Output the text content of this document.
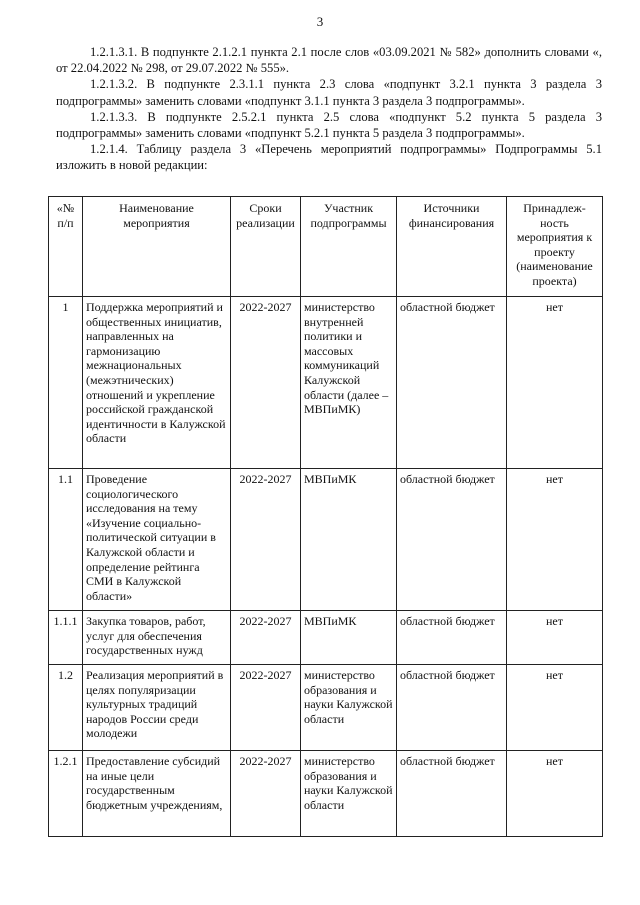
3

1.2.1.3.1. В подпункте 2.1.2.1 пункта 2.1 после слов «03.09.2021 № 582» дополнить словами «, от 22.04.2022 № 298, от 29.07.2022 № 555».

1.2.1.3.2. В подпункте 2.3.1.1 пункта 2.3 слова «подпункт 3.2.1 пункта 3 раздела 3 подпрограммы» заменить словами «подпункт 3.1.1 пункта 3 раздела 3 подпрограммы».

1.2.1.3.3. В подпункте 2.5.2.1 пункта 2.5 слова «подпункт 5.2 пункта 5 раздела 3 подпрограммы» заменить словами «подпункт 5.2.1 пункта 5 раздела 3 подпрограммы».

1.2.1.4. Таблицу раздела 3 «Перечень мероприятий подпрограммы» Подпрограммы 5.1 изложить в новой редакции:

«№ п/п	Наименование мероприятия	Сроки реализации	Участник подпрограммы	Источники финансирования	Принадлеж-ность мероприятия к проекту (наименование проекта)
1	Поддержка мероприятий и общественных инициатив, направленных на гармонизацию межнациональных (межэтнических) отношений и укрепление российской гражданской идентичности в Калужской области	2022-2027	министерство внутренней политики и массовых коммуникаций Калужской области (далее – МВПиМК)	областной бюджет	нет
1.1	Проведение социологического исследования на тему «Изучение социально-политической ситуации в Калужской области и определение рейтинга СМИ в Калужской области»	2022-2027	МВПиМК	областной бюджет	нет
1.1.1	Закупка товаров, работ, услуг для обеспечения государственных нужд	2022-2027	МВПиМК	областной бюджет	нет
1.2	Реализация мероприятий в целях популяризации культурных традиций народов России среди молодежи	2022-2027	министерство образования и науки Калужской области	областной бюджет	нет
1.2.1	Предоставление субсидий на иные цели государственным бюджетным учреждениям,	2022-2027	министерство образования и науки Калужской области	областной бюджет	нет
